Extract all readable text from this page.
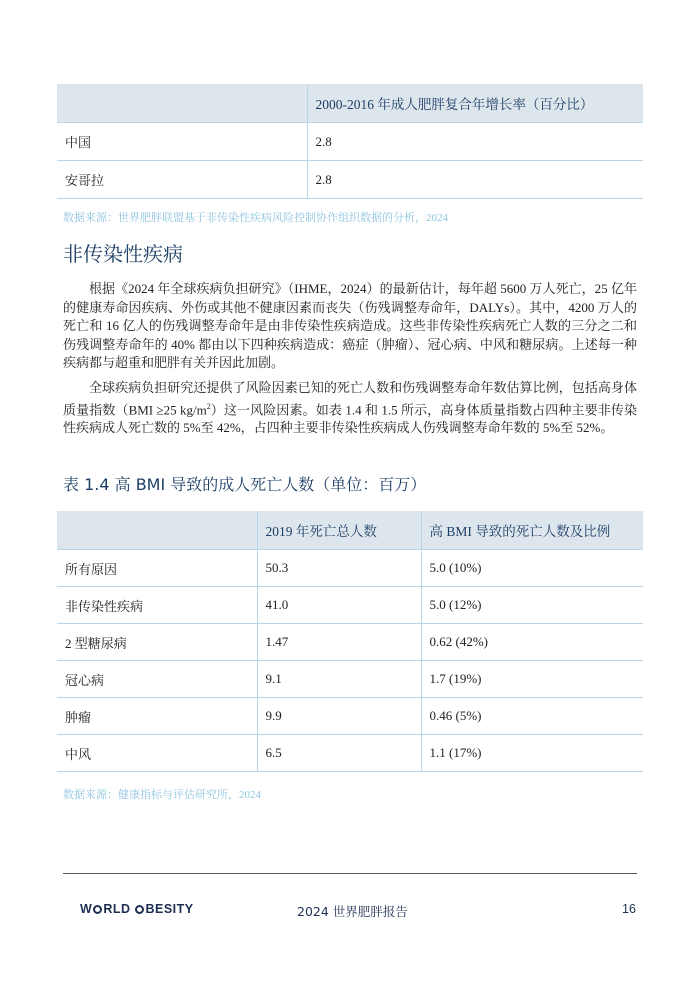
	2000-2016 年成人肥胖复合年增长率（百分比）
中国	2.8
安哥拉	2.8
数据来源：世界肥胖联盟基于非传染性疾病风险控制协作组织数据的分析，2024
非传染性疾病

根据《2024 年全球疾病负担研究》（IHME，2024）的最新估计，每年超 5600 万人死亡，25 亿年的健康寿命因疾病、外伤或其他不健康因素而丧失（伤残调整寿命年，DALYs）。其中，4200 万人的死亡和 16 亿人的伤残调整寿命年是由非传染性疾病造成。这些非传染性疾病死亡人数的三分之二和伤残调整寿命年的 40% 都由以下四种疾病造成：癌症（肿瘤）、冠心病、中风和糖尿病。上述每一种疾病都与超重和肥胖有关并因此加剧。

全球疾病负担研究还提供了风险因素已知的死亡人数和伤残调整寿命年数估算比例，包括高身体质量指数（BMI ≥25 $kg/m^2$）这一风险因素。如表 1.4 和 1.5 所示，高身体质量指数占四种主要非传染性疾病成人死亡数的 5%至 42%，占四种主要非传染性疾病成人伤残调整寿命年数的 5%至 52%。

表 1.4 高 BMI 导致的成人死亡人数（单位：百万）
	2019 年死亡总人数	高 BMI 导致的死亡人数及比例
所有原因	50.3	5.0 (10%)
非传染性疾病	41.0	5.0 (12%)
2 型糖尿病	1.47	0.62 (42%)
冠心病	9.1	1.7 (19%)
肿瘤	9.9	0.46 (5%)
中风	6.5	1.1 (17%)
数据来源：健康指标与评估研究所，2024
W RLD BESITY	2024 世界肥胖报告	16
